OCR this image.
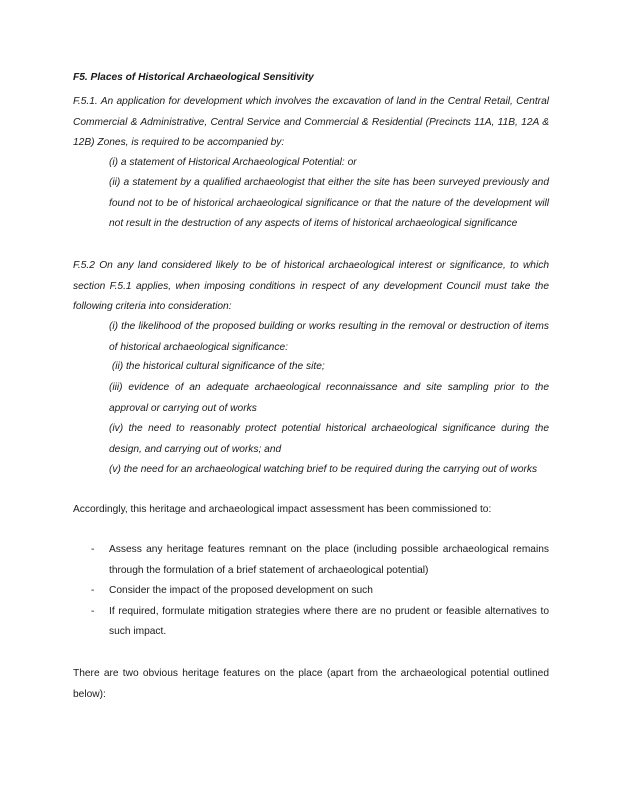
F5. Places of Historical Archaeological Sensitivity
F.5.1. An application for development which involves the excavation of land in the Central Retail, Central Commercial & Administrative, Central Service and Commercial & Residential (Precincts 11A, 11B, 12A & 12B) Zones, is required to be accompanied by:
(i) a statement of Historical Archaeological Potential: or
(ii) a statement by a qualified archaeologist that either the site has been surveyed previously and found not to be of historical archaeological significance or that the nature of the development will not result in the destruction of any aspects of items of historical archaeological significance
F.5.2 On any land considered likely to be of historical archaeological interest or significance, to which section F.5.1 applies, when imposing conditions in respect of any development Council must take the following criteria into consideration:
(i) the likelihood of the proposed building or works resulting in the removal or destruction of items of historical archaeological significance:
(ii) the historical cultural significance of the site;
(iii) evidence of an adequate archaeological reconnaissance and site sampling prior to the approval or carrying out of works
(iv) the need to reasonably protect potential historical archaeological significance during the design, and carrying out of works; and
(v) the need for an archaeological watching brief to be required during the carrying out of works
Accordingly, this heritage and archaeological impact assessment has been commissioned to:
- Assess any heritage features remnant on the place (including possible archaeological remains through the formulation of a brief statement of archaeological potential)
- Consider the impact of the proposed development on such
- If required, formulate mitigation strategies where there are no prudent or feasible alternatives to such impact.
There are two obvious heritage features on the place (apart from the archaeological potential outlined below):
